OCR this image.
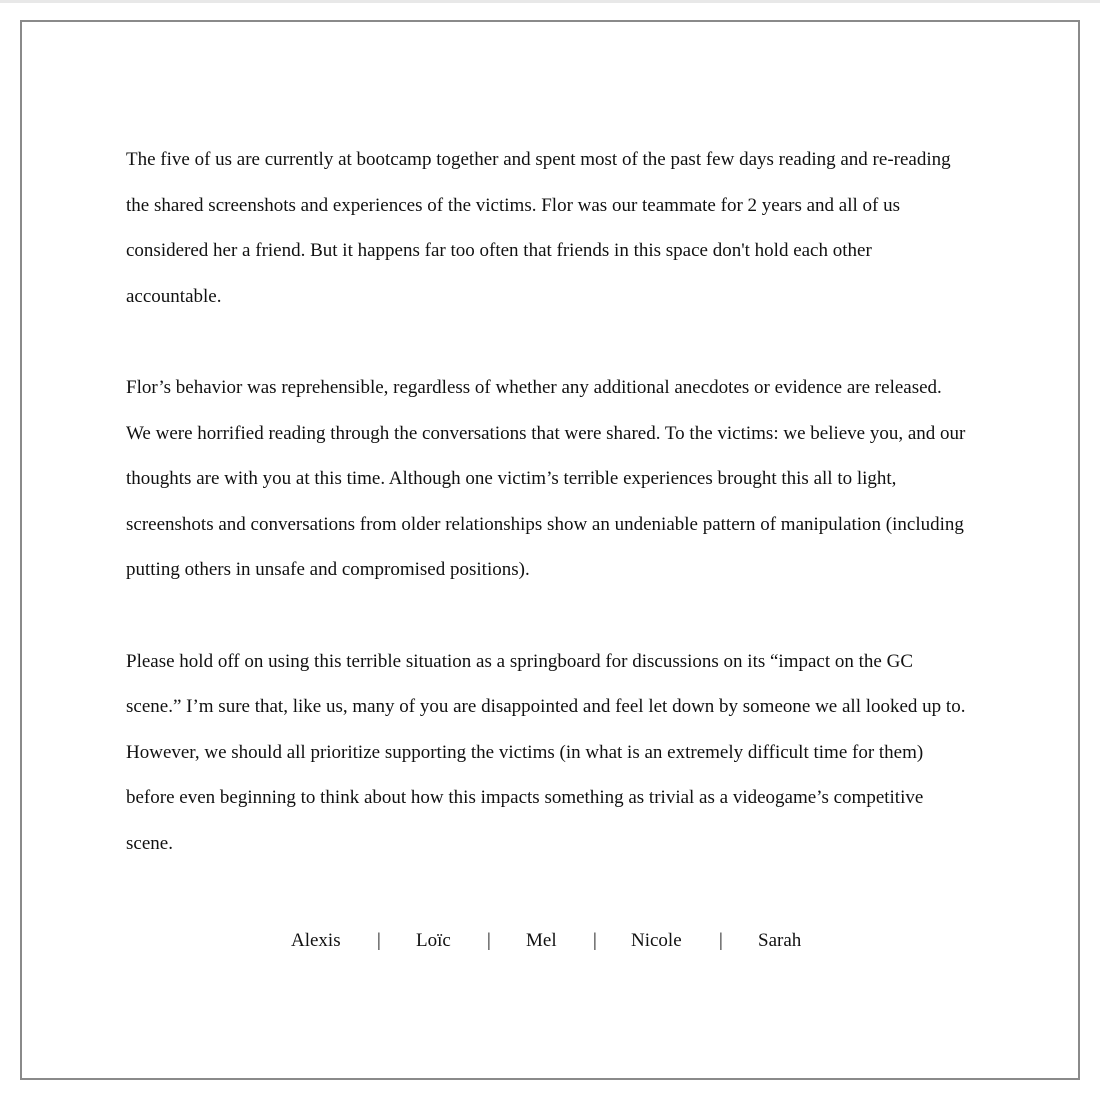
The five of us are currently at bootcamp together and spent most of the past few days reading and re-reading the shared screenshots and experiences of the victims. Flor was our teammate for 2 years and all of us considered her a friend. But it happens far too often that friends in this space don't hold each other accountable.

Flor’s behavior was reprehensible, regardless of whether any additional anecdotes or evidence are released. We were horrified reading through the conversations that were shared. To the victims: we believe you, and our thoughts are with you at this time. Although one victim’s terrible experiences brought this all to light, screenshots and conversations from older relationships show an undeniable pattern of manipulation (including putting others in unsafe and compromised positions).

Please hold off on using this terrible situation as a springboard for discussions on its “impact on the GC scene.” I’m sure that, like us, many of you are disappointed and feel let down by someone we all looked up to. However, we should all prioritize supporting the victims (in what is an extremely difficult time for them) before even beginning to think about how this impacts something as trivial as a videogame’s competitive scene.

Alexis | Loïc | Mel | Nicole | Sarah
